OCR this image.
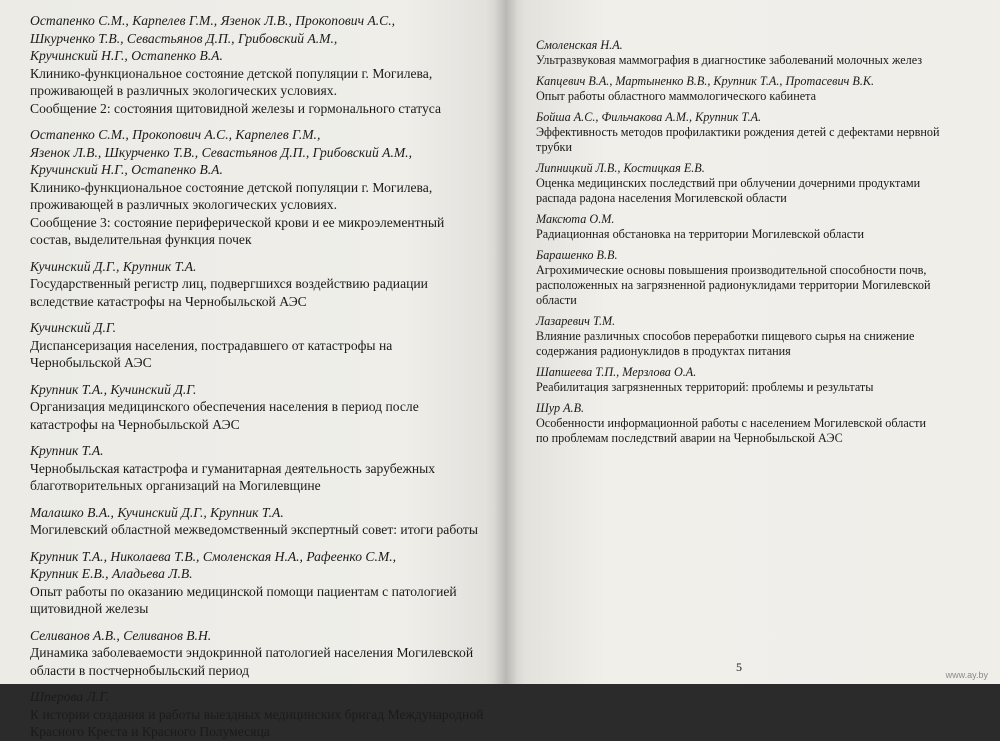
Остапенко С.М., Карпелев Г.М., Язенок Л.В., Прокопович А.С.,
Шкурченко Т.В., Севастьянов Д.П., Грибовский А.М.,
Кручинский Н.Г., Остапенко В.А.
Клинико-функциональное состояние детской популяции г. Могилева,
проживающей в различных экологических условиях.
Сообщение 2: состояния щитовидной железы и гормонального статуса
Остапенко С.М., Прокопович А.С., Карпелев Г.М.,
Язенок Л.В., Шкурченко Т.В., Севастьянов Д.П., Грибовский А.М.,
Кручинский Н.Г., Остапенко В.А.
Клинико-функциональное состояние детской популяции г. Могилева,
проживающей в различных экологических условиях.
Сообщение 3: состояние периферической крови и ее микроэлементный
состав, выделительная функция почек
Кучинский Д.Г., Крупник Т.А.
Государственный регистр лиц, подвергшихся воздействию радиации
вследствие катастрофы на Чернобыльской АЭС
Кучинский Д.Г.
Диспансеризация населения, пострадавшего от катастрофы на
Чернобыльской АЭС
Крупник Т.А., Кучинский Д.Г.
Организация медицинского обеспечения населения в период после
катастрофы на Чернобыльской АЭС
Крупник Т.А.
Чернобыльская катастрофа и гуманитарная деятельность зарубежных
благотворительных организаций на Могилевщине
Малашко В.А., Кучинский Д.Г., Крупник Т.А.
Могилевский областной межведомственный экспертный совет: итоги работы
Крупник Т.А., Николаева Т.В., Смоленская Н.А., Рафеенко С.М.,
Крупник Е.В., Аладьева Л.В.
Опыт работы по оказанию медицинской помощи пациентам с патологией
щитовидной железы
Селиванов А.В., Селиванов В.Н.
Динамика заболеваемости эндокринной патологией населения Могилевской
области в постчернобыльский период
Шперова Л.Г.
К истории создания и работы выездных медицинских бригад Международной
Красного Креста и Красного Полумесяца
Смоленская Н.А.
Ультразвуковая маммография в диагностике заболеваний молочных желез
Капцевич В.А., Мартыненко В.В., Крупник Т.А., Протасевич В.К.
Опыт работы областного маммологического кабинета
Бойша А.С., Фильчакова А.М., Крупник Т.А.
Эффективность методов профилактики рождения детей с дефектами нервной
трубки
Липницкий Л.В., Костицкая Е.В.
Оценка медицинских последствий при облучении дочерними продуктами
распада радона населения Могилевской области
Максюта О.М.
Радиационная обстановка на территории Могилевской области
Барашенко В.В.
Агрохимические основы повышения производительной способности почв,
расположенных на загрязненной радионуклидами территории Могилевской
области
Лазаревич Т.М.
Влияние различных способов переработки пищевого сырья на снижение
содержания радионуклидов в продуктах питания
Шапшеева Т.П., Мерзлова О.А.
Реабилитация загрязненных территорий: проблемы и результаты
Шур А.В.
Особенности информационной работы с населением Могилевской области
по проблемам последствий аварии на Чернобыльской АЭС
5
www.ay.by
